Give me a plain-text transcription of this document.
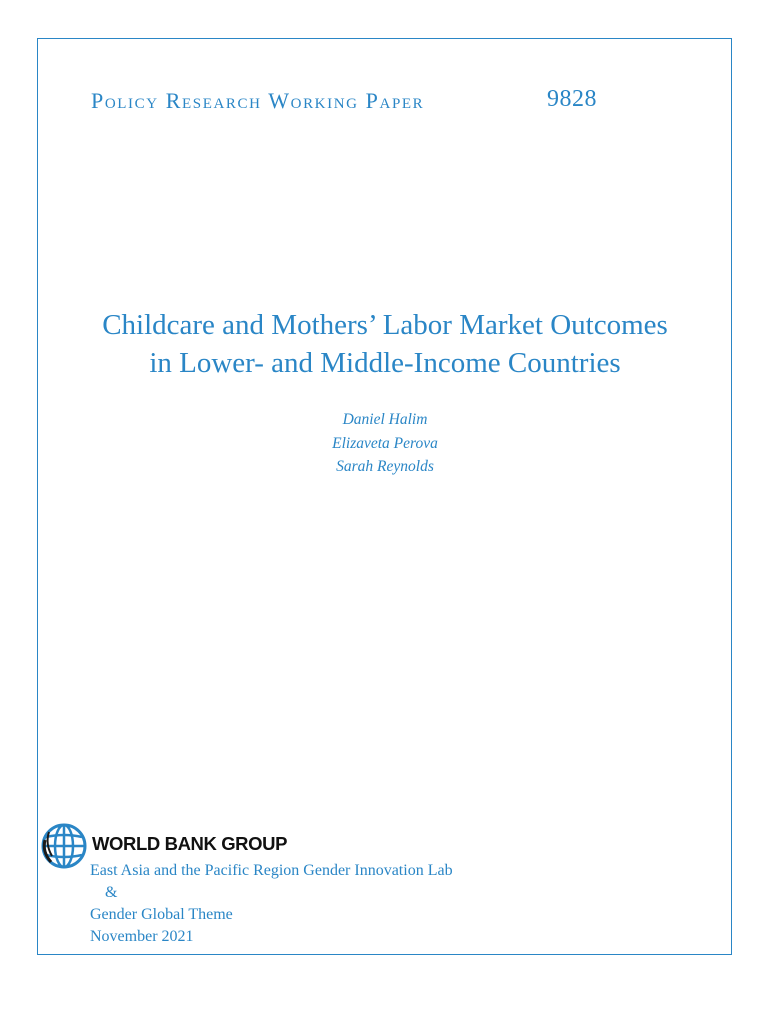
Policy Research Working Paper	9828
Childcare and Mothers’ Labor Market Outcomes
in Lower- and Middle-Income Countries
Daniel Halim
Elizaveta Perova
Sarah Reynolds
WORLD BANK GROUP
East Asia and the Pacific Region Gender Innovation Lab
&
Gender Global Theme
November 2021
